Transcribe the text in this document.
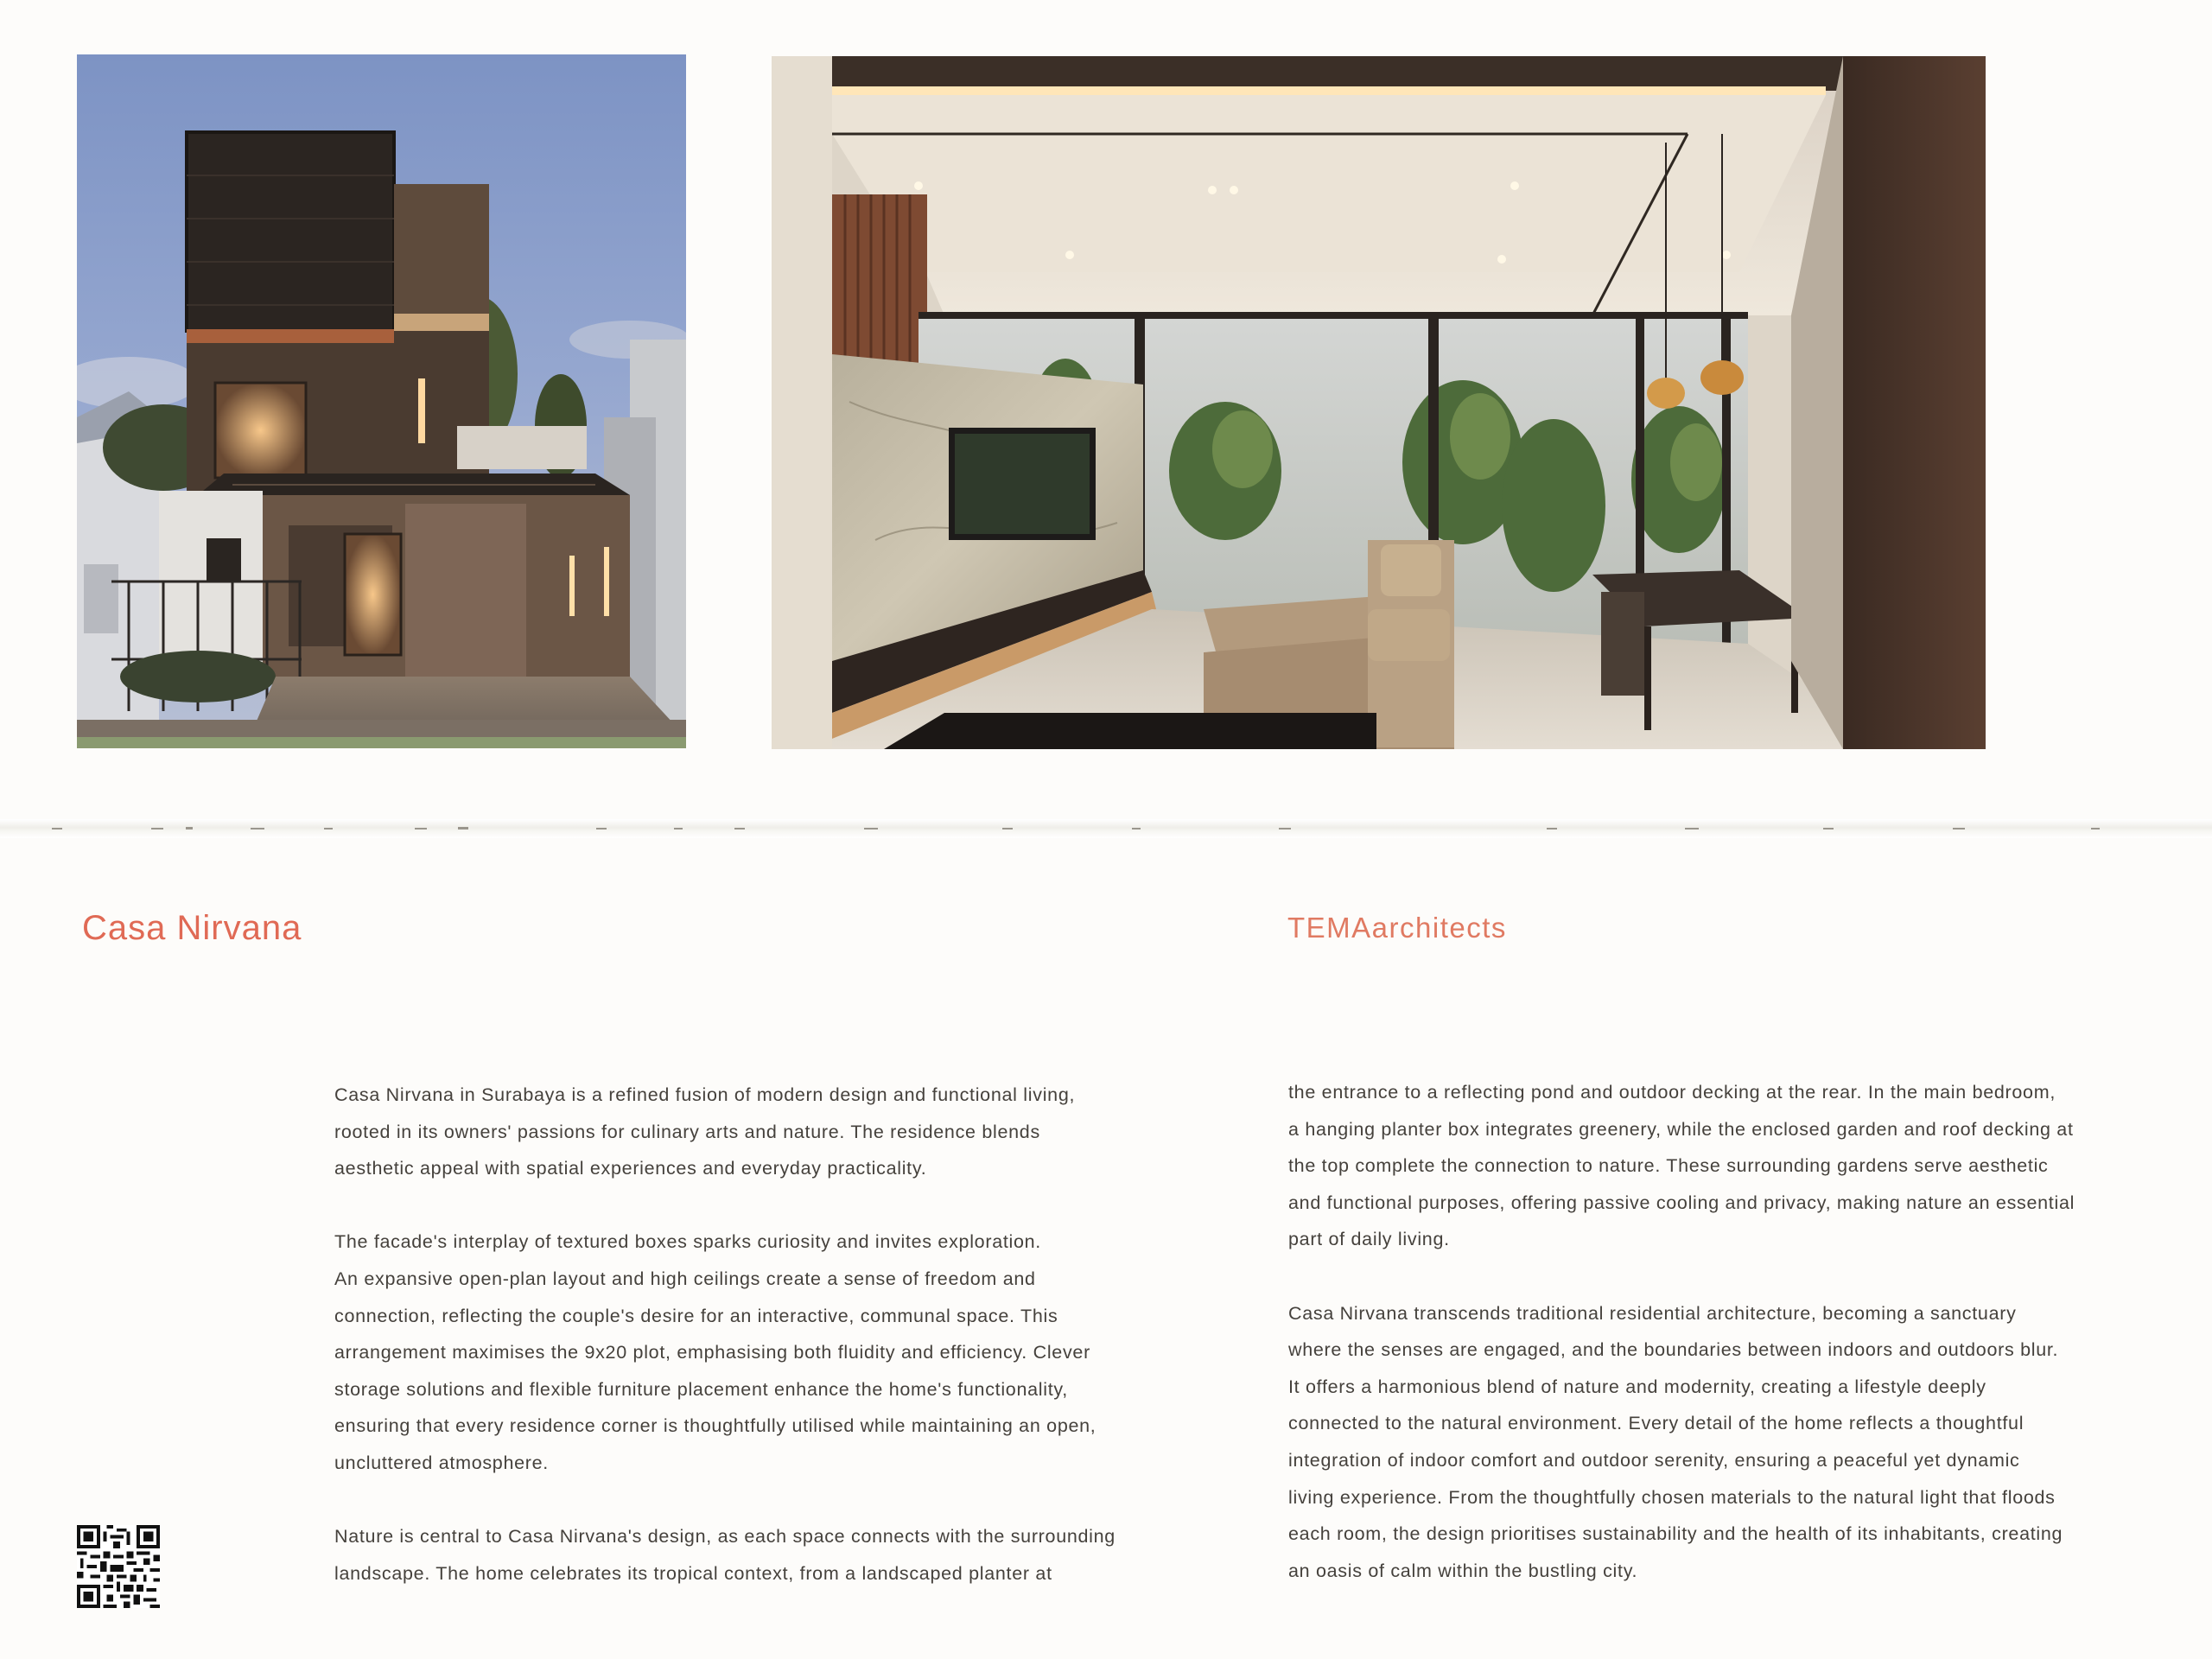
Casa Nirvana	TEMAarchitects

Casa Nirvana in Surabaya is a refined fusion of modern design and functional living,
rooted in its owners' passions for culinary arts and nature. The residence blends
aesthetic appeal with spatial experiences and everyday practicality.

The facade's interplay of textured boxes sparks curiosity and invites exploration.
An expansive open-plan layout and high ceilings create a sense of freedom and
connection, reflecting the couple's desire for an interactive, communal space. This
arrangement maximises the 9x20 plot, emphasising both fluidity and efficiency. Clever
storage solutions and flexible furniture placement enhance the home's functionality,
ensuring that every residence corner is thoughtfully utilised while maintaining an open,
uncluttered atmosphere.

Nature is central to Casa Nirvana's design, as each space connects with the surrounding
landscape. The home celebrates its tropical context, from a landscaped planter at

the entrance to a reflecting pond and outdoor decking at the rear. In the main bedroom,
a hanging planter box integrates greenery, while the enclosed garden and roof decking at
the top complete the connection to nature. These surrounding gardens serve aesthetic
and functional purposes, offering passive cooling and privacy, making nature an essential
part of daily living.

Casa Nirvana transcends traditional residential architecture, becoming a sanctuary
where the senses are engaged, and the boundaries between indoors and outdoors blur.
It offers a harmonious blend of nature and modernity, creating a lifestyle deeply
connected to the natural environment. Every detail of the home reflects a thoughtful
integration of indoor comfort and outdoor serenity, ensuring a peaceful yet dynamic
living experience. From the thoughtfully chosen materials to the natural light that floods
each room, the design prioritises sustainability and the health of its inhabitants, creating
an oasis of calm within the bustling city.
